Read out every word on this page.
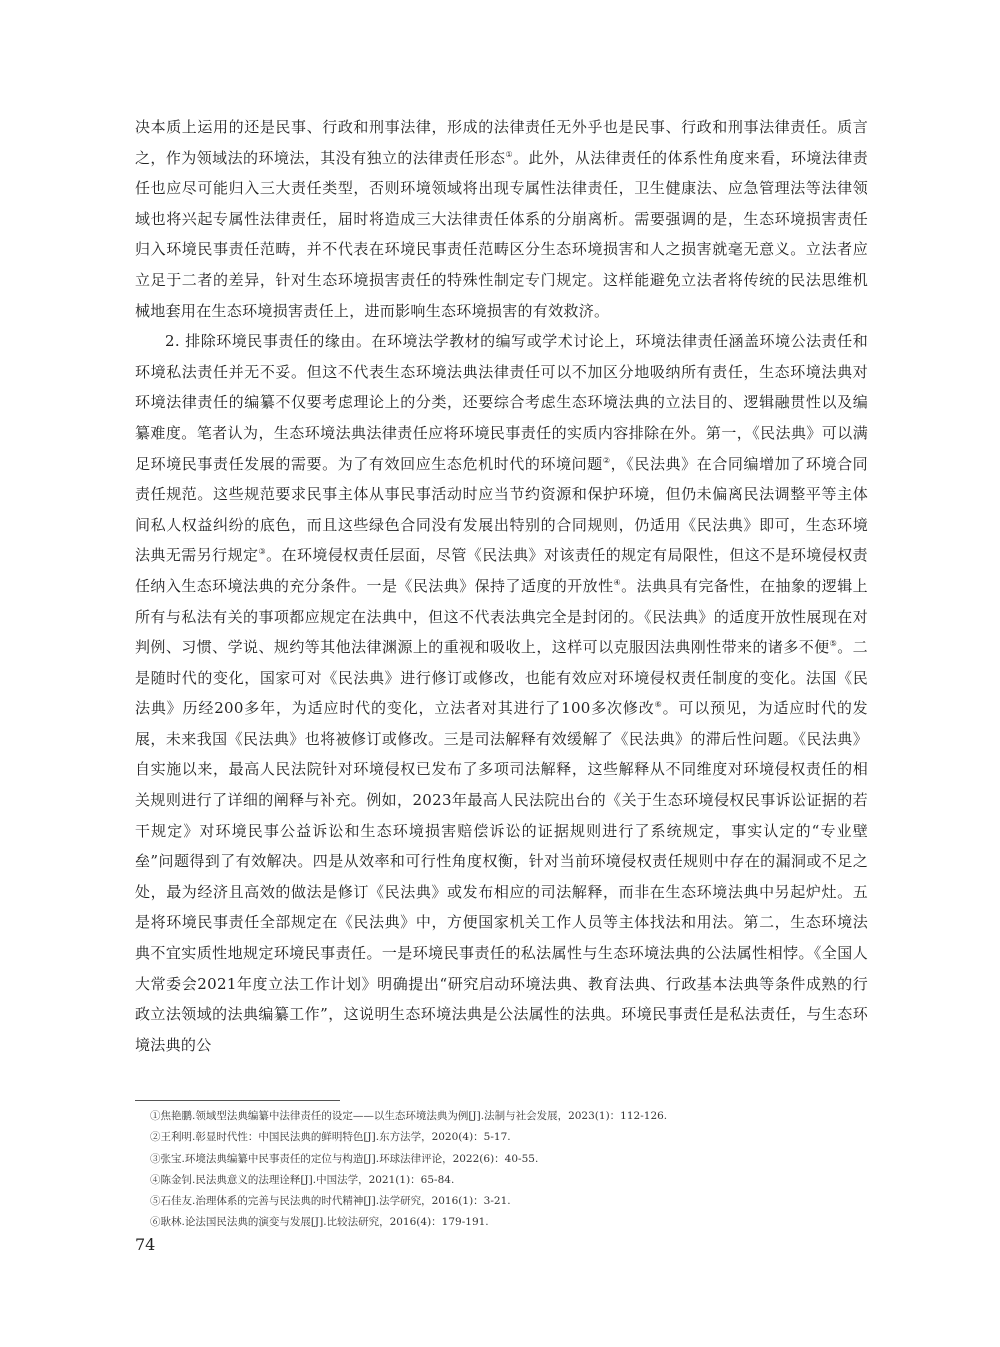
决本质上运用的还是民事、行政和刑事法律，形成的法律责任无外乎也是民事、行政和刑事法律责任。质言之，作为领域法的环境法，其没有独立的法律责任形态①。此外，从法律责任的体系性角度来看，环境法律责任也应尽可能归入三大责任类型，否则环境领域将出现专属性法律责任，卫生健康法、应急管理法等法律领域也将兴起专属性法律责任，届时将造成三大法律责任体系的分崩离析。需要强调的是，生态环境损害责任归入环境民事责任范畴，并不代表在环境民事责任范畴区分生态环境损害和人之损害就毫无意义。立法者应立足于二者的差异，针对生态环境损害责任的特殊性制定专门规定。这样能避免立法者将传统的民法思维机械地套用在生态环境损害责任上，进而影响生态环境损害的有效救济。

2. 排除环境民事责任的缘由。在环境法学教材的编写或学术讨论上，环境法律责任涵盖环境公法责任和环境私法责任并无不妥。但这不代表生态环境法典法律责任可以不加区分地吸纳所有责任，生态环境法典对环境法律责任的编纂不仅要考虑理论上的分类，还要综合考虑生态环境法典的立法目的、逻辑融贯性以及编纂难度。笔者认为，生态环境法典法律责任应将环境民事责任的实质内容排除在外。第一，《民法典》可以满足环境民事责任发展的需要。为了有效回应生态危机时代的环境问题②，《民法典》在合同编增加了环境合同责任规范。这些规范要求民事主体从事民事活动时应当节约资源和保护环境，但仍未偏离民法调整平等主体间私人权益纠纷的底色，而且这些绿色合同没有发展出特别的合同规则，仍适用《民法典》即可，生态环境法典无需另行规定③。在环境侵权责任层面，尽管《民法典》对该责任的规定有局限性，但这不是环境侵权责任纳入生态环境法典的充分条件。一是《民法典》保持了适度的开放性④。法典具有完备性，在抽象的逻辑上所有与私法有关的事项都应规定在法典中，但这不代表法典完全是封闭的。《民法典》的适度开放性展现在对判例、习惯、学说、规约等其他法律渊源上的重视和吸收上，这样可以克服因法典刚性带来的诸多不便⑤。二是随时代的变化，国家可对《民法典》进行修订或修改，也能有效应对环境侵权责任制度的变化。法国《民法典》历经200多年，为适应时代的变化，立法者对其进行了100多次修改⑥。可以预见，为适应时代的发展，未来我国《民法典》也将被修订或修改。三是司法解释有效缓解了《民法典》的滞后性问题。《民法典》自实施以来，最高人民法院针对环境侵权已发布了多项司法解释，这些解释从不同维度对环境侵权责任的相关规则进行了详细的阐释与补充。例如，2023年最高人民法院出台的《关于生态环境侵权民事诉讼证据的若干规定》对环境民事公益诉讼和生态环境损害赔偿诉讼的证据规则进行了系统规定，事实认定的“专业壁垒”问题得到了有效解决。四是从效率和可行性角度权衡，针对当前环境侵权责任规则中存在的漏洞或不足之处，最为经济且高效的做法是修订《民法典》或发布相应的司法解释，而非在生态环境法典中另起炉灶。五是将环境民事责任全部规定在《民法典》中，方便国家机关工作人员等主体找法和用法。第二，生态环境法典不宜实质性地规定环境民事责任。一是环境民事责任的私法属性与生态环境法典的公法属性相悖。《全国人大常委会2021年度立法工作计划》明确提出“研究启动环境法典、教育法典、行政基本法典等条件成熟的行政立法领域的法典编纂工作”，这说明生态环境法典是公法属性的法典。环境民事责任是私法责任，与生态环境法典的公

①焦艳鹏.领域型法典编纂中法律责任的设定——以生态环境法典为例[J].法制与社会发展，2023(1)：112-126.
②王利明.彰显时代性：中国民法典的鲜明特色[J].东方法学，2020(4)：5-17.
③张宝.环境法典编纂中民事责任的定位与构造[J].环球法律评论，2022(6)：40-55.
④陈金钊.民法典意义的法理诠释[J].中国法学，2021(1)：65-84.
⑤石佳友.治理体系的完善与民法典的时代精神[J].法学研究，2016(1)：3-21.
⑥耿林.论法国民法典的演变与发展[J].比较法研究，2016(4)：179-191.
74
